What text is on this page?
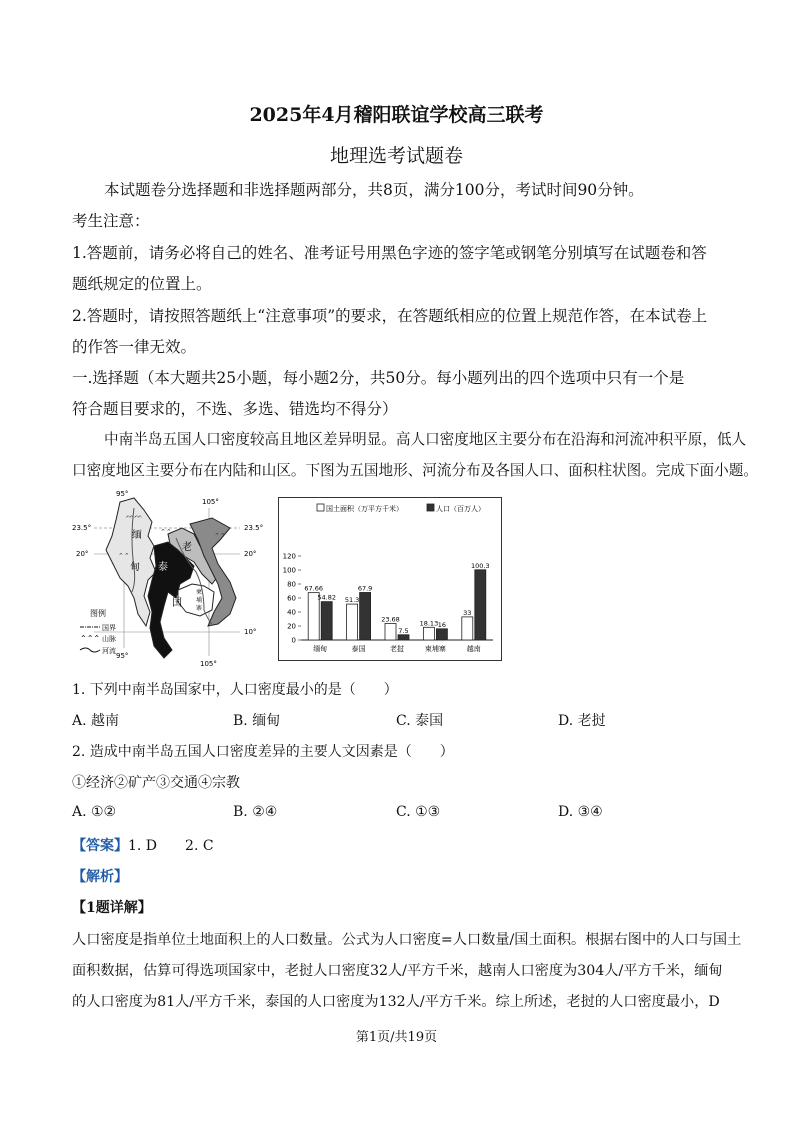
2025年4月稽阳联谊学校高三联考
地理选考试题卷
本试题卷分选择题和非选择题两部分，共8页，满分100分，考试时间90分钟。
考生注意：
1.答题前，请务必将自己的姓名、准考证号用黑色字迹的签字笔或钢笔分别填写在试题卷和答
题纸规定的位置上。
2.答题时，请按照答题纸上“注意事项”的要求，在答题纸相应的位置上规范作答，在本试卷上
的作答一律无效。
一.选择题（本大题共25小题，每小题2分，共50分。每小题列出的四个选项中只有一个是
符合题目要求的，不选、多选、错选均不得分）
中南半岛五国人口密度较高且地区差异明显。高人口密度地区主要分布在沿海和河流冲积平原，低人
口密度地区主要分布在内陆和山区。下图为五国地形、河流分布及各国人口、面积柱状图。完成下面小题。
ᨓᨓ
⌃⌃	⌃⌃
⌃⌃
95°
105°
23.5°	23.5°
20°	20°
10°
95°
105°
缅
甸 泰
国
老
柬
埔
寨
图例
国界
⌃⌃⌃ 山脉
河流
国土面积（万平方千米）	人口（百万人）
0
20
40
60
80
100
120
67.66
54.82
缅甸
51.3
67.9
泰国
23.68
7.5
老挝
18.13 16
柬埔寨
33
100.3
越南
1. 下列中南半岛国家中，人口密度最小的是（　　）
A. 越南	B. 缅甸	C. 泰国	D. 老挝
2. 造成中南半岛五国人口密度差异的主要人文因素是（　　）
①经济②矿产③交通④宗教
A. ①②	B. ②④	C. ①③	D. ③④
【答案】1. D　　2. C
【解析】
【1题详解】
人口密度是指单位土地面积上的人口数量。公式为人口密度=人口数量/国土面积。根据右图中的人口与国土
面积数据，估算可得选项国家中，老挝人口密度32人/平方千米，越南人口密度为304人/平方千米，缅甸
的人口密度为81人/平方千米，泰国的人口密度为132人/平方千米。综上所述，老挝的人口密度最小，D
第1页/共19页
